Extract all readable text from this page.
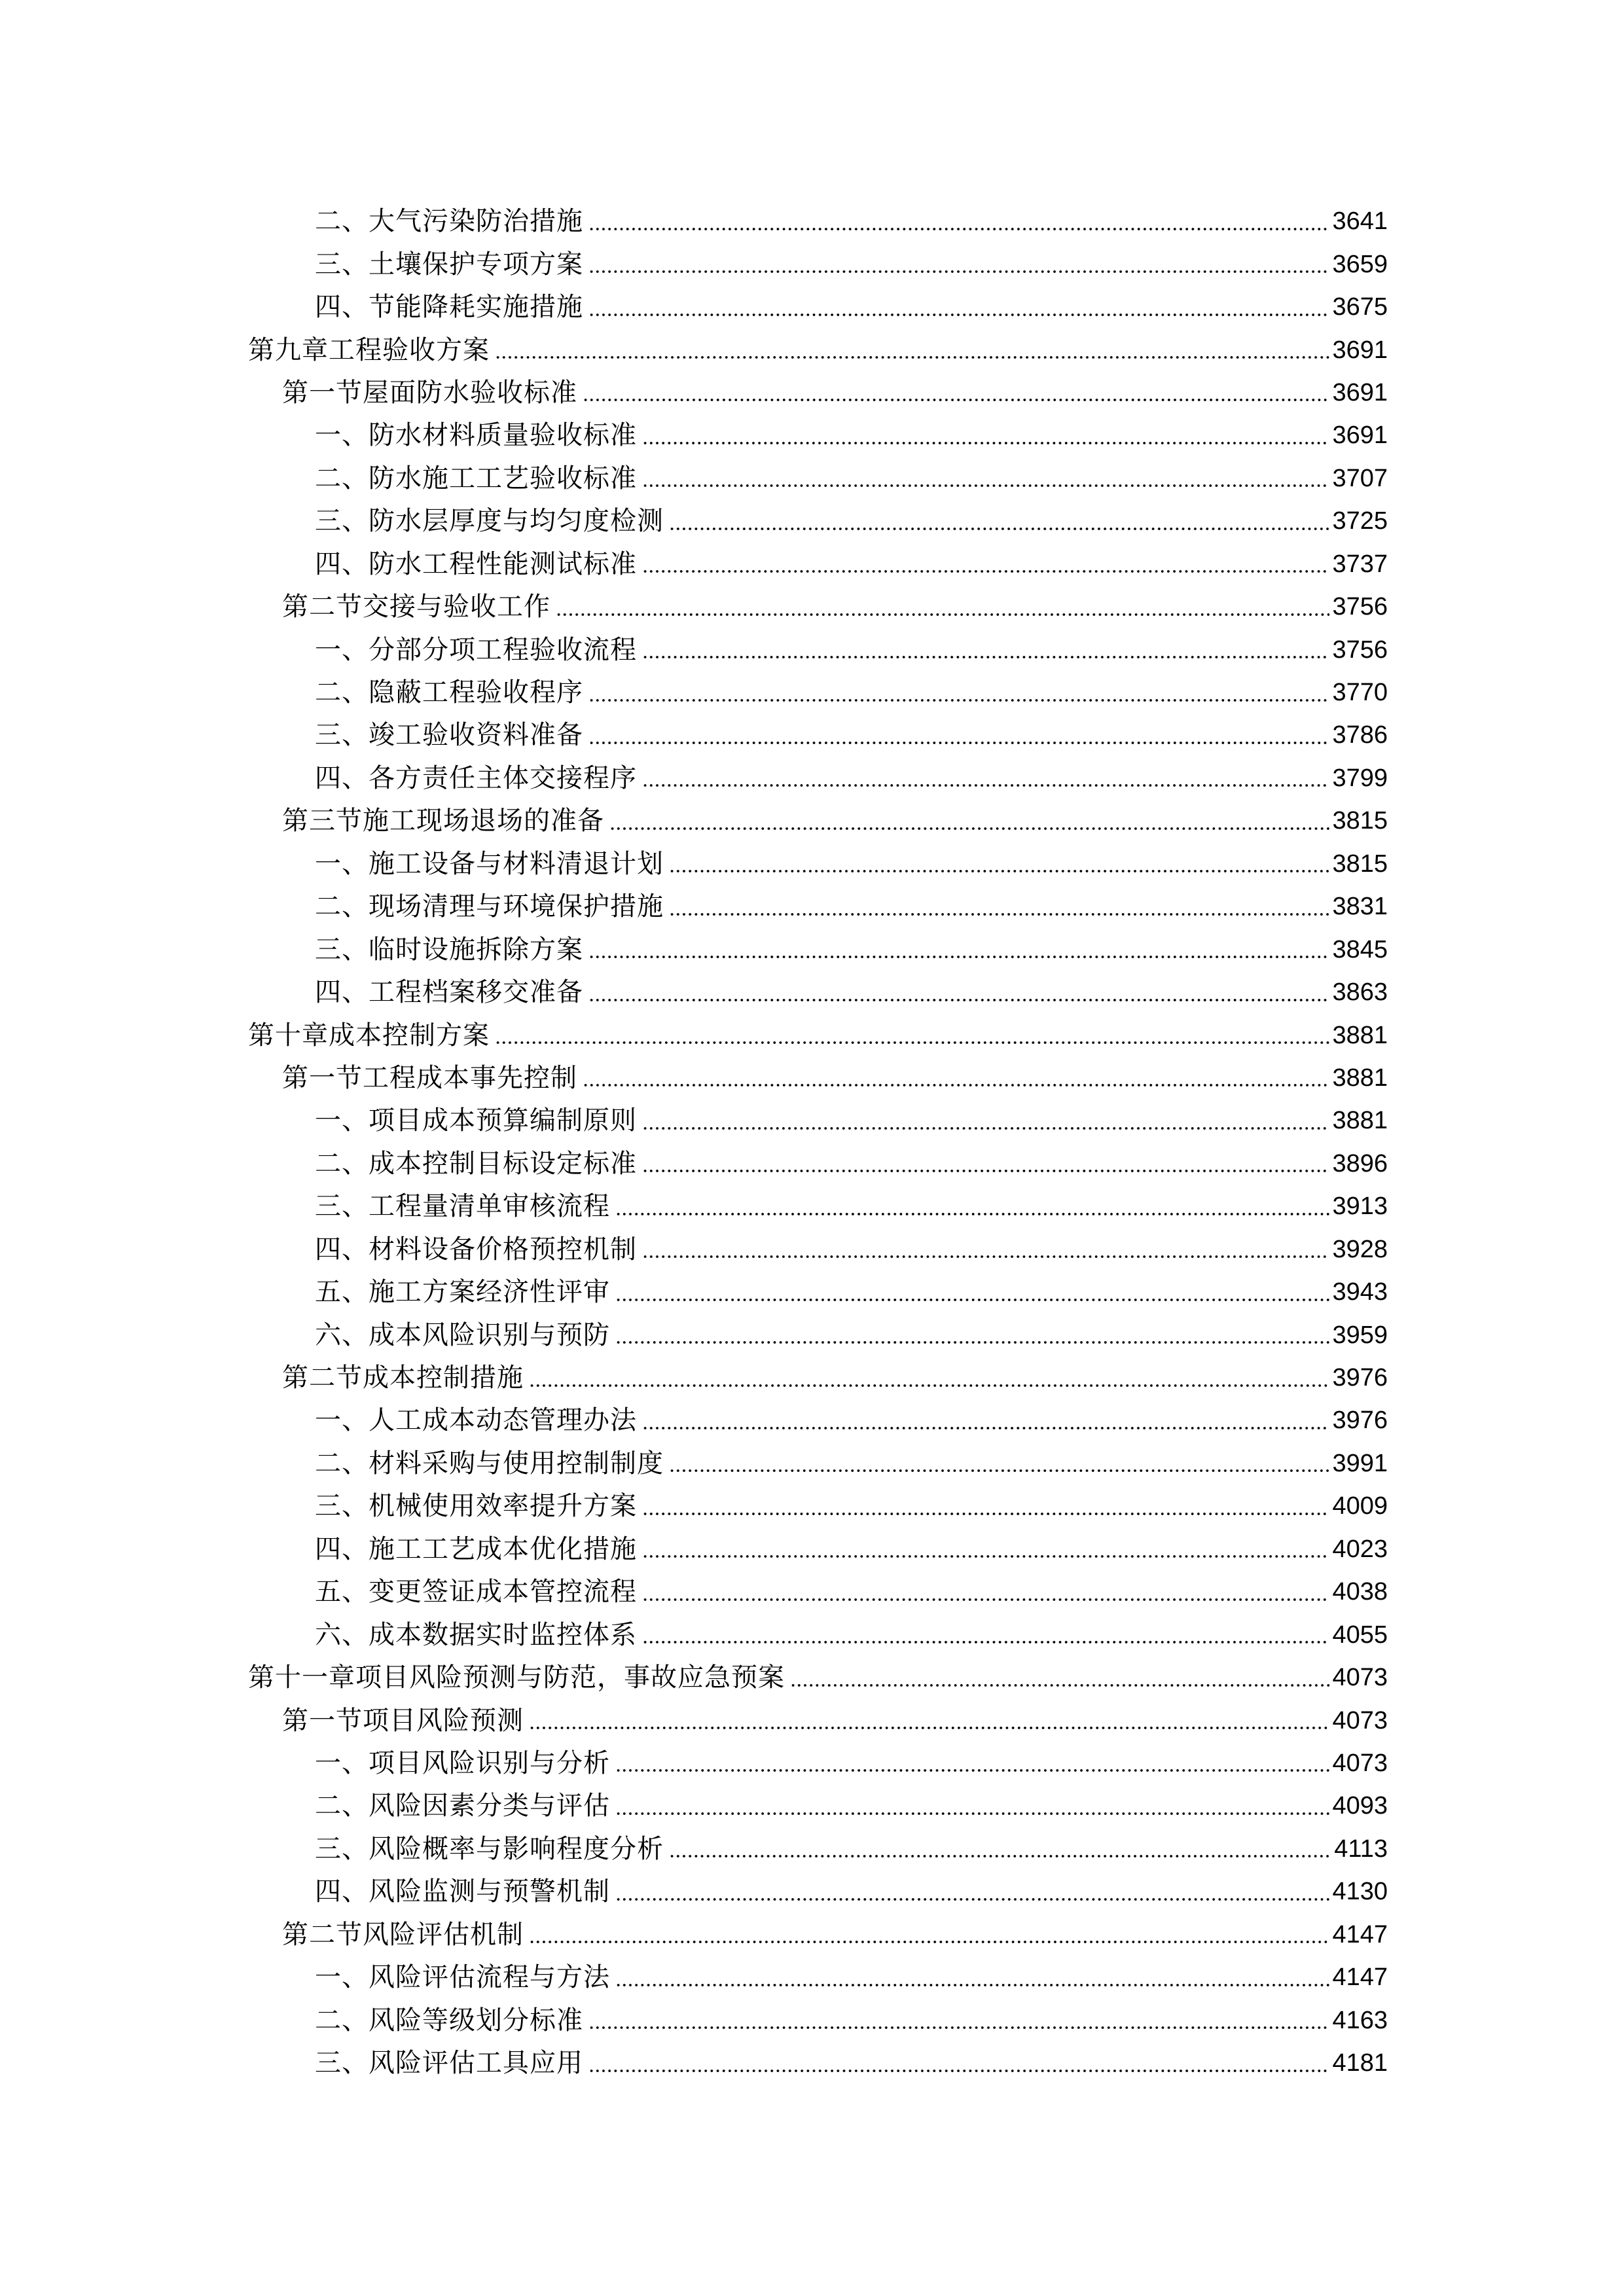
二、大气污染防治措施	3641
三、土壤保护专项方案	3659
四、节能降耗实施措施	3675
第九章工程验收方案	3691
第一节屋面防水验收标准	3691
一、防水材料质量验收标准	3691
二、防水施工工艺验收标准	3707
三、防水层厚度与均匀度检测	3725
四、防水工程性能测试标准	3737
第二节交接与验收工作	3756
一、分部分项工程验收流程	3756
二、隐蔽工程验收程序	3770
三、竣工验收资料准备	3786
四、各方责任主体交接程序	3799
第三节施工现场退场的准备	3815
一、施工设备与材料清退计划	3815
二、现场清理与环境保护措施	3831
三、临时设施拆除方案	3845
四、工程档案移交准备	3863
第十章成本控制方案	3881
第一节工程成本事先控制	3881
一、项目成本预算编制原则	3881
二、成本控制目标设定标准	3896
三、工程量清单审核流程	3913
四、材料设备价格预控机制	3928
五、施工方案经济性评审	3943
六、成本风险识别与预防	3959
第二节成本控制措施	3976
一、人工成本动态管理办法	3976
二、材料采购与使用控制制度	3991
三、机械使用效率提升方案	4009
四、施工工艺成本优化措施	4023
五、变更签证成本管控流程	4038
六、成本数据实时监控体系	4055
第十一章项目风险预测与防范，事故应急预案	4073
第一节项目风险预测	4073
一、项目风险识别与分析	4073
二、风险因素分类与评估	4093
三、风险概率与影响程度分析	4113
四、风险监测与预警机制	4130
第二节风险评估机制	4147
一、风险评估流程与方法	4147
二、风险等级划分标准	4163
三、风险评估工具应用	4181
